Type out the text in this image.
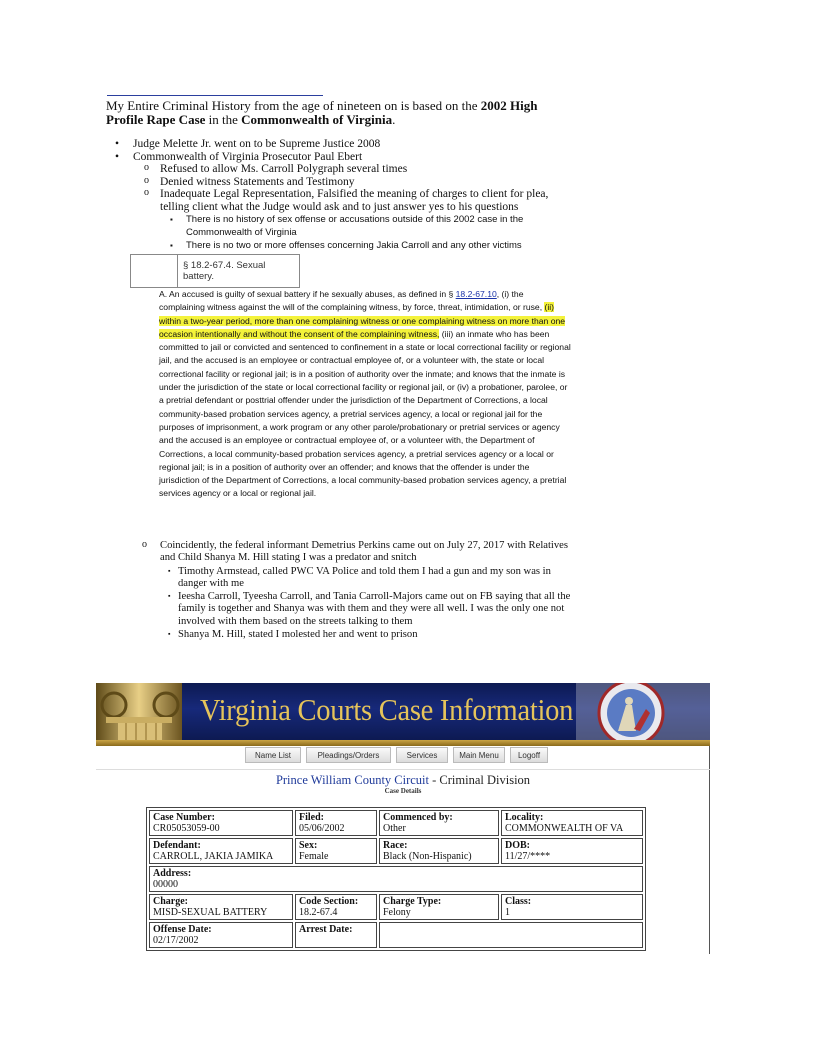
My Entire Criminal History from the age of nineteen on is based on the 2002 High Profile Rape Case in the Commonwealth of Virginia.
• Judge Melette Jr. went on to be Supreme Justice 2008
• Commonwealth of Virginia Prosecutor Paul Ebert
o Refused to allow Ms. Carroll Polygraph several times
o Denied witness Statements and Testimony
o Inadequate Legal Representation, Falsified the meaning of charges to client for plea, telling client what the Judge would ask and to just answer yes to his questions
▪ There is no history of sex offense or accusations outside of this 2002 case in the Commonwealth of Virginia
▪ There is no two or more offenses concerning Jakia Carroll and any other victims
§ 18.2-67.4. Sexual battery.
A. An accused is guilty of sexual battery if he sexually abuses, as defined in § 18.2-67.10, (i) the complaining witness against the will of the complaining witness, by force, threat, intimidation, or ruse, (ii) within a two-year period, more than one complaining witness or one complaining witness on more than one occasion intentionally and without the consent of the complaining witness, (iii) an inmate who has been committed to jail or convicted and sentenced to confinement in a state or local correctional facility or regional jail, and the accused is an employee or contractual employee of, or a volunteer with, the state or local correctional facility or regional jail; is in a position of authority over the inmate; and knows that the inmate is under the jurisdiction of the state or local correctional facility or regional jail, or (iv) a probationer, parolee, or a pretrial defendant or posttrial offender under the jurisdiction of the Department of Corrections, a local community-based probation services agency, a pretrial services agency, a local or regional jail for the purposes of imprisonment, a work program or any other parole/probationary or pretrial services or agency and the accused is an employee or contractual employee of, or a volunteer with, the Department of Corrections, a local community-based probation services agency, a pretrial services agency or a local or regional jail; is in a position of authority over an offender; and knows that the offender is under the jurisdiction of the Department of Corrections, a local community-based probation services agency, a pretrial services agency or a local or regional jail.
o Coincidently, the federal informant Demetrius Perkins came out on July 27, 2017 with Relatives and Child Shanya M. Hill stating I was a predator and snitch
▪ Timothy Armstead, called PWC VA Police and told them I had a gun and my son was in danger with me
▪ Ieesha Carroll, Tyeesha Carroll, and Tania Carroll-Majors came out on FB saying that all the family is together and Shanya was with them and they were all well. I was the only one not involved with them based on the streets talking to them
▪ Shanya M. Hill, stated I molested her and went to prison
Virginia Courts Case Information
Name List	Pleadings/Orders	Services	Main Menu	Logoff
Prince William County Circuit - Criminal Division
Case Details
Case Number:
CR05053059-00	Filed:
05/06/2002	Commenced by:
Other	Locality:
COMMONWEALTH OF VA

Defendant:
CARROLL, JAKIA JAMIKA	Sex:
Female	Race:
Black (Non-Hispanic)	DOB:
11/27/****

Address:
00000			

Charge:
MISD-SEXUAL BATTERY	Code Section:
18.2-67.4	Charge Type:
Felony	Class:
1

Offense Date:
02/17/2002	Arrest Date:		
